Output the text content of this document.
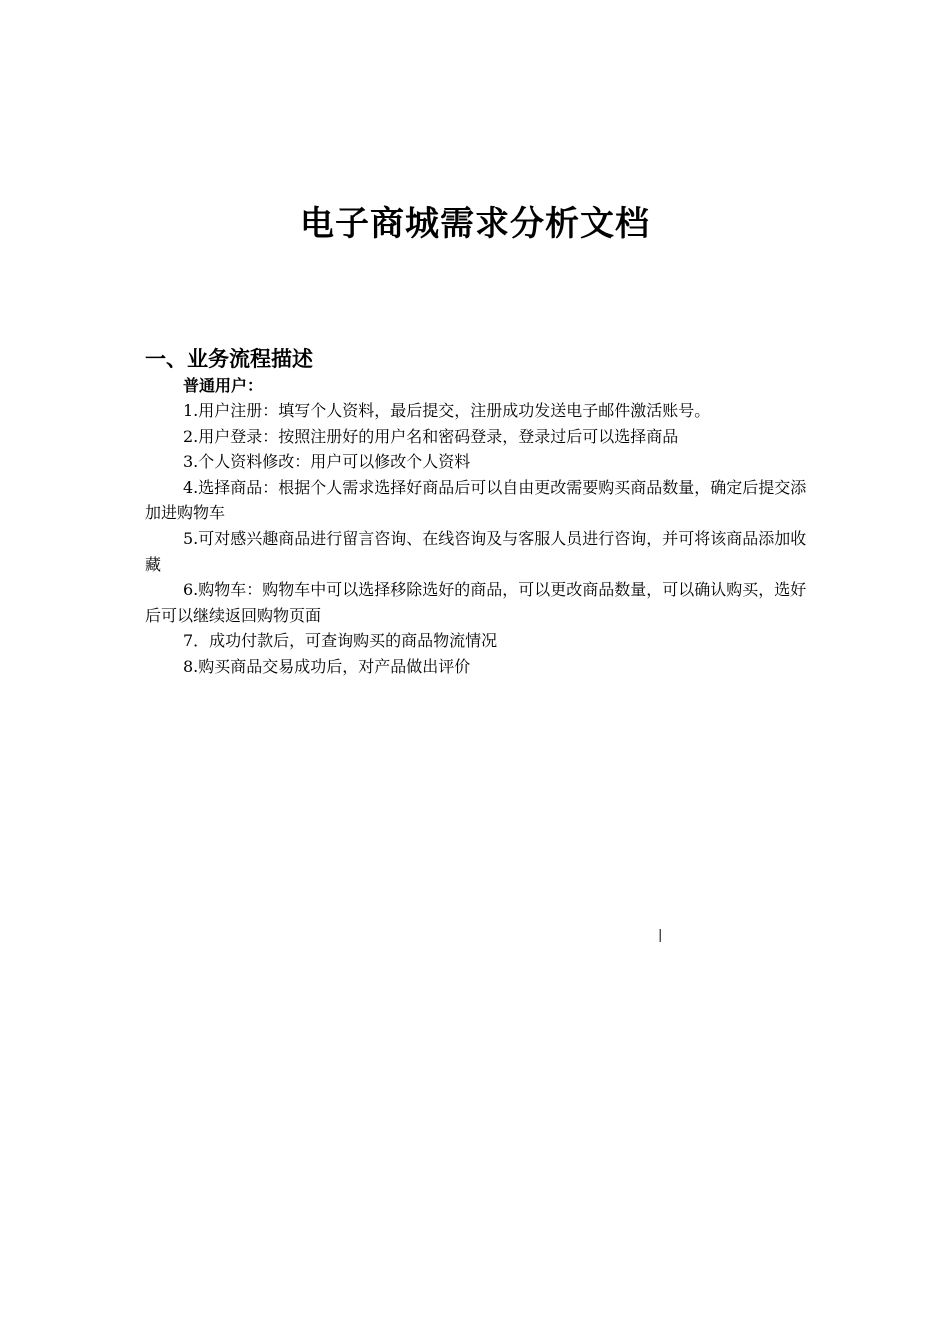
电子商城需求分析文档
一、业务流程描述
普通用户：
1.用户注册：填写个人资料，最后提交，注册成功发送电子邮件激活账号。
2.用户登录：按照注册好的用户名和密码登录，登录过后可以选择商品
3.个人资料修改：用户可以修改个人资料
4.选择商品：根据个人需求选择好商品后可以自由更改需要购买商品数量，确定后提交添加进购物车
5.可对感兴趣商品进行留言咨询、在线咨询及与客服人员进行咨询，并可将该商品添加收藏
6.购物车：购物车中可以选择移除选好的商品，可以更改商品数量，可以确认购买，选好后可以继续返回购物页面
7．成功付款后，可查询购买的商品物流情况
8.购买商品交易成功后，对产品做出评价
|
